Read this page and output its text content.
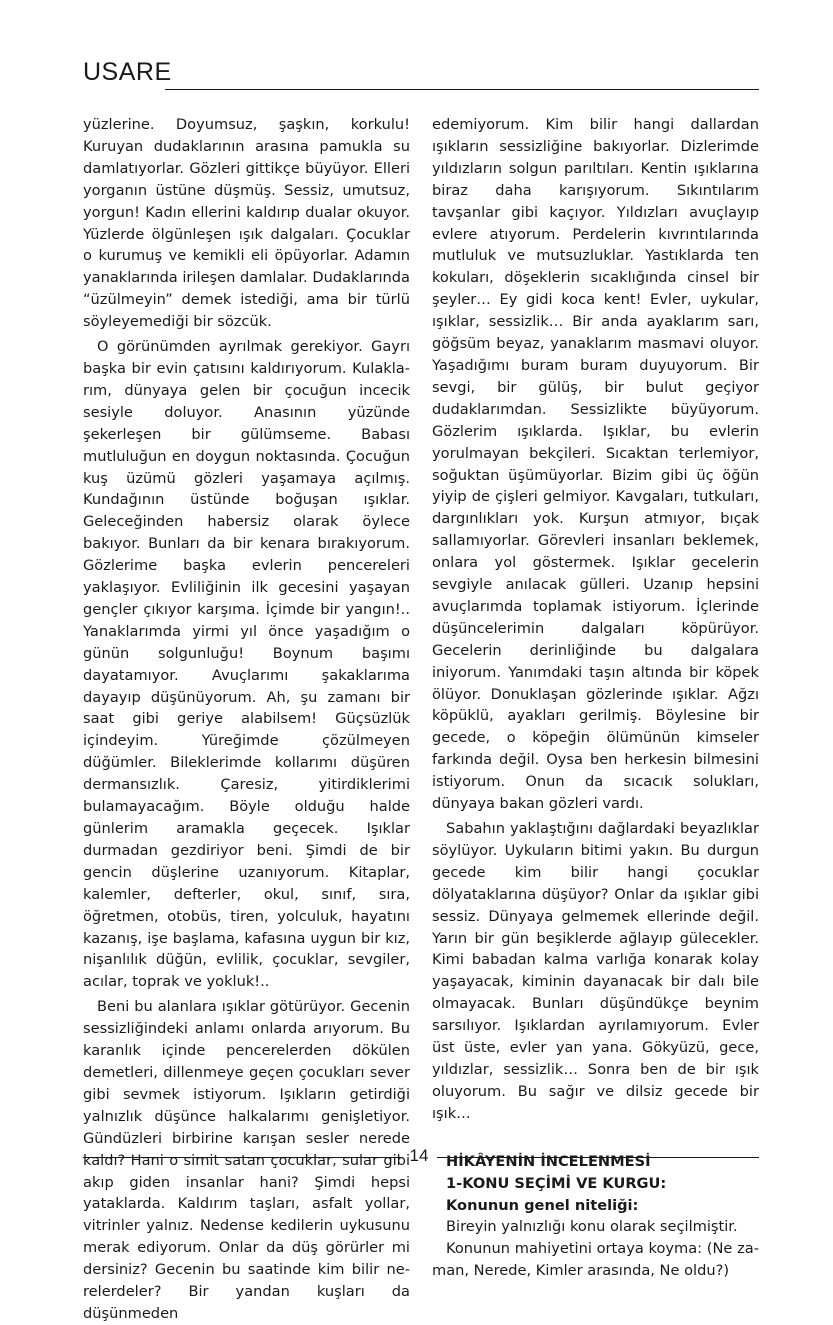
USARE

yüzlerine. Doyumsuz, şaşkın, korkulu! Kuruyan dudaklarının arasına pamukla su damlatıyorlar. Gözleri gittikçe büyüyor. Elleri yorganın üstüne düşmüş. Sessiz, umutsuz, yorgun! Kadın ellerini kaldırıp dualar okuyor. Yüzlerde ölgünleşen ışık dalgaları. Çocuklar o kurumuş ve kemikli eli öpüyorlar. Adamın yanaklarında irileşen damlalar. Dudaklarında “üzülmeyin” demek istediği, ama bir türlü söyleyemediği bir sözcük.

O görünümden ayrılmak gerekiyor. Gayrı başka bir evin çatısını kaldırıyorum. Kulaklarım, dünyaya gelen bir çocuğun incecik sesiyle doluyor. Anasının yüzünde şekerleşen bir gülümseme. Babası mutluluğun en doygun noktasında. Çocuğun kuş üzümü gözleri yaşamaya açılmış. Kundağının üstünde boğuşan ışıklar. Geleceğinden habersiz olarak öylece bakıyor. Bunları da bir kenara bırakıyorum. Gözlerime başka evlerin pencereleri yaklaşıyor. Evliliğinin ilk gecesini yaşayan gençler çıkıyor karşıma. İçimde bir yangın!.. Yanaklarımda yirmi yıl önce yaşadığım o günün solgunluğu! Boynum başımı dayatamıyor. Avuçlarımı şakaklarıma dayayıp düşünüyorum. Ah, şu zamanı bir saat gibi geriye alabilsem! Güçsüzlük içindeyim. Yüreğimde çözülmeyen düğümler. Bileklerimde kollarımı düşüren dermansızlık. Çaresiz, yitirdiklerimi bulamayacağım. Böyle olduğu halde günlerim aramakla geçecek. Işıklar durmadan gezdiriyor beni. Şimdi de bir gencin düşlerine uzanıyorum. Kitaplar, kalemler, defterler, okul, sınıf, sıra, öğretmen, otobüs, tiren, yolculuk, hayatını kazanış, işe başlama, kafasına uygun bir kız, nişanlılık düğün, evlilik, çocuklar, sevgiler, acılar, toprak ve yokluk!..

Beni bu alanlara ışıklar götürüyor. Gecenin sessizliğindeki anlamı onlarda arıyorum. Bu karanlık içinde pencerelerden dökülen demetleri, dillenmeye geçen çocukları sever gibi sevmek istiyorum. Işıkların getirdiği yalnızlık düşünce halkalarımı genişletiyor. Gündüzleri birbirine karışan sesler nerede kaldı? Hani o simit satan çocuklar, sular gibi akıp giden insanlar hani? Şimdi hepsi yataklarda. Kaldırım taşları, asfalt yollar, vitrinler yalnız. Nedense kedilerin uykusunu merak ediyorum. Onlar da düş görürler mi dersiniz? Gecenin bu saatinde kim bilir nerelerdeler? Bir yandan kuşları da düşünmeden

edemiyorum. Kim bilir hangi dallardan ışıkların sessizliğine bakıyorlar. Dizlerimde yıldızların solgun parıltıları. Kentin ışıklarına biraz daha karışıyorum. Sıkıntılarım tavşanlar gibi kaçıyor. Yıldızları avuçlayıp evlere atıyorum. Perdelerin kıvrıntılarında mutluluk ve mutsuzluklar. Yastıklarda ten kokuları, döşeklerin sıcaklığında cinsel bir şeyler… Ey gidi koca kent! Evler, uykular, ışıklar, sessizlik… Bir anda ayaklarım sarı, göğsüm beyaz, yanaklarım masmavi oluyor. Yaşadığımı buram buram duyuyorum. Bir sevgi, bir gülüş, bir bulut geçiyor dudaklarımdan. Sessizlikte büyüyorum. Gözlerim ışıklarda. Işıklar, bu evlerin yorulmayan bekçileri. Sıcaktan terlemiyor, soğuktan üşümüyorlar. Bizim gibi üç öğün yiyip de çişleri gelmiyor. Kavgaları, tutkuları, dargınlıkları yok. Kurşun atmıyor, bıçak sallamıyorlar. Görevleri insanları beklemek, onlara yol göstermek. Işıklar gecelerin sevgiyle anılacak gülleri. Uzanıp hepsini avuçlarımda toplamak istiyorum. İçlerinde düşüncelerimin dalgaları köpürüyor. Gecelerin derinliğinde bu dalgalara iniyorum. Yanımdaki taşın altında bir köpek ölüyor. Donuklaşan gözlerinde ışıklar. Ağzı köpüklü, ayakları gerilmiş. Böylesine bir gecede, o köpeğin ölümünün kimseler farkında değil. Oysa ben herkesin bilmesini istiyorum. Onun da sıcacık solukları, dünyaya bakan gözleri vardı.

Sabahın yaklaştığını dağlardaki beyazlıklar söylüyor. Uykuların bitimi yakın. Bu durgun gecede kim bilir hangi çocuklar dölyataklarına düşüyor? Onlar da ışıklar gibi sessiz. Dünyaya gelmemek ellerinde değil. Yarın bir gün beşiklerde ağlayıp gülecekler. Kimi babadan kalma varlığa konarak kolay yaşayacak, kiminin dayanacak bir dalı bile olmayacak. Bunları düşündükçe beynim sarsılıyor. Işıklardan ayrılamıyorum. Evler üst üste, evler yan yana. Gökyüzü, gece, yıldızlar, sessizlik… Sonra ben de bir ışık oluyorum. Bu sağır ve dilsiz gecede bir ışık…

HİKÂYENİN İNCELENMESİ

1-KONU SEÇİMİ VE KURGU:

Konunun genel niteliği:

Bireyin yalnızlığı konu olarak seçilmiştir.

Konunun mahiyetini ortaya koyma: (Ne zaman, Nerede, Kimler arasında, Ne oldu?)

14
